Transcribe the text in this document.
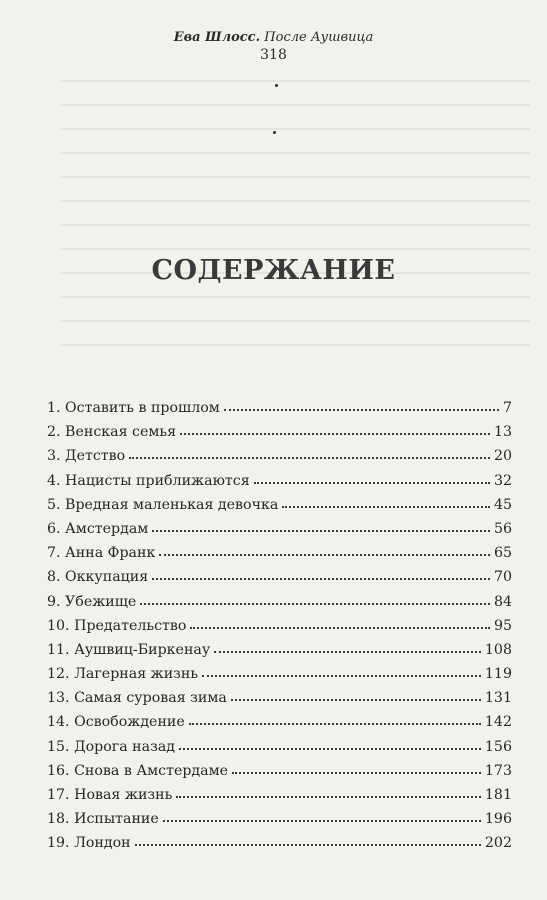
Ева Шлосс. После Аушвица
318
СОДЕРЖАНИЕ
1. Оставить в прошлом	7
2. Венская семья	13
3. Детство	20
4. Нацисты приближаются	32
5. Вредная маленькая девочка	45
6. Амстердам	56
7. Анна Франк	65
8. Оккупация	70
9. Убежище	84
10. Предательство	95
11. Аушвиц-Биркенау	108
12. Лагерная жизнь	119
13. Самая суровая зима	131
14. Освобождение	142
15. Дорога назад	156
16. Снова в Амстердаме	173
17. Новая жизнь	181
18. Испытание	196
19. Лондон	202
